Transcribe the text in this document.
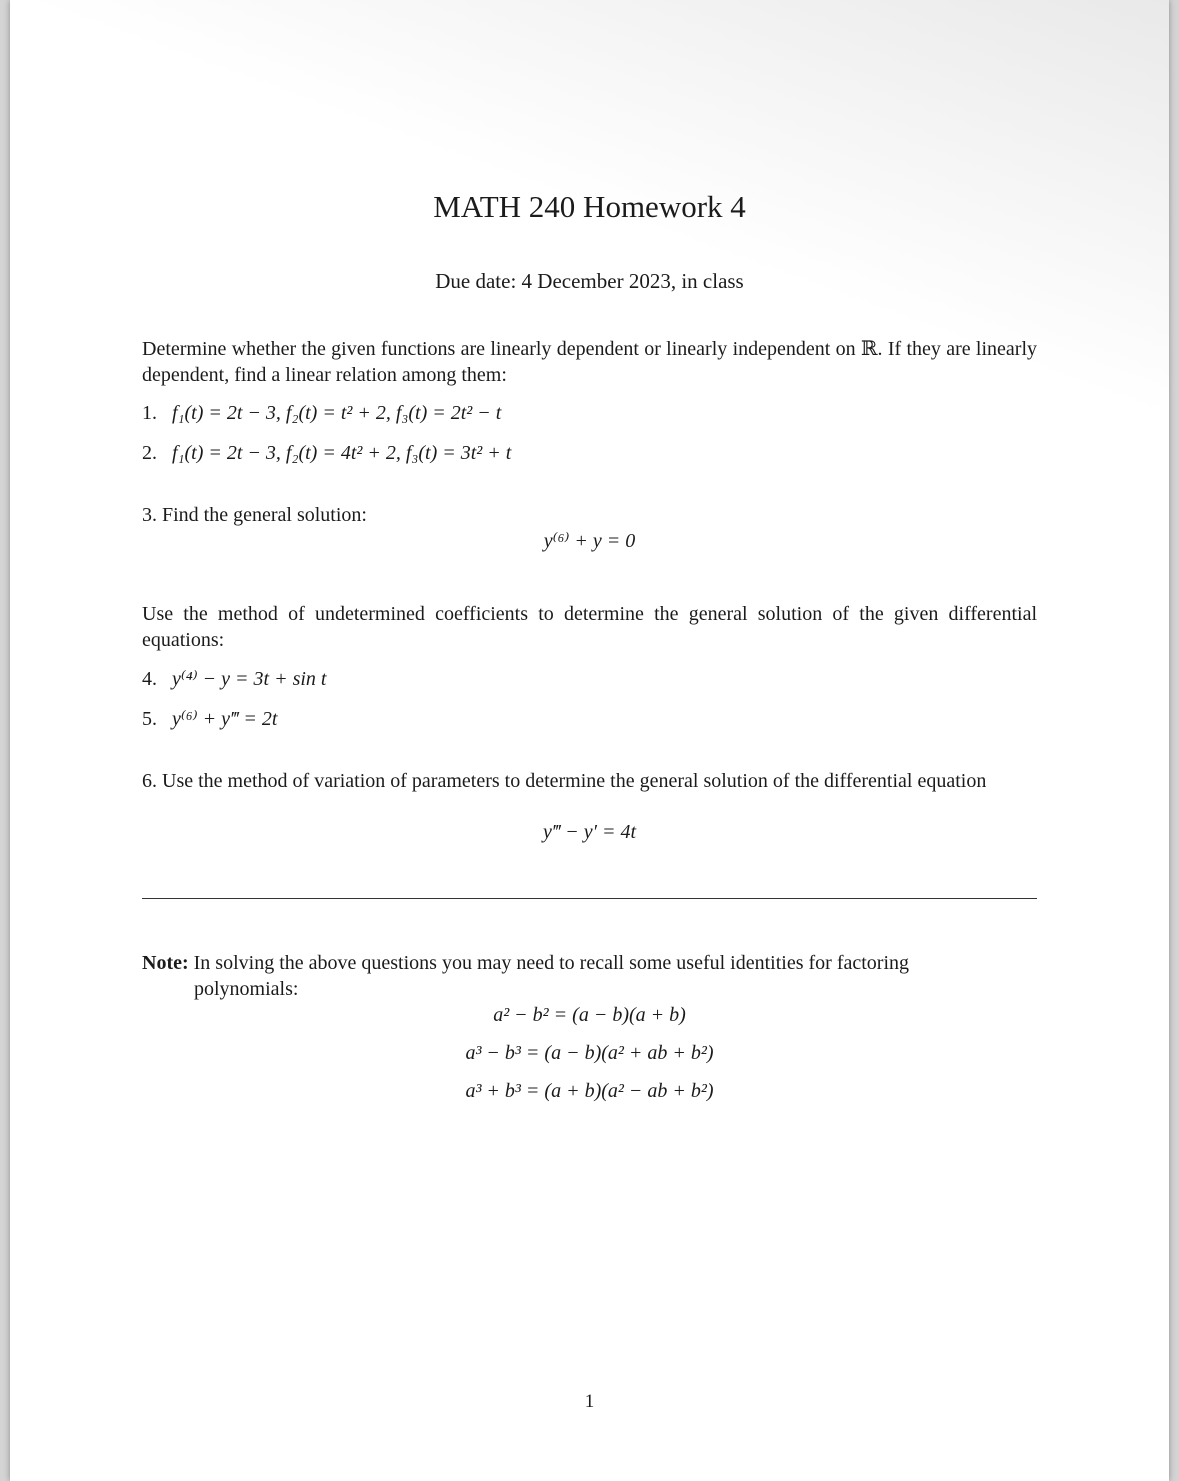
MATH 240 Homework 4
Due date: 4 December 2023, in class
Determine whether the given functions are linearly dependent or linearly independent on ℝ. If they are linearly dependent, find a linear relation among them:
1. f₁(t) = 2t − 3, f₂(t) = t² + 2, f₃(t) = 2t² − t
2. f₁(t) = 2t − 3, f₂(t) = 4t² + 2, f₃(t) = 3t² + t
3. Find the general solution:
y⁽⁶⁾ + y = 0
Use the method of undetermined coefficients to determine the general solution of the given differential equations:
4. y⁽⁴⁾ − y = 3t + sin t
5. y⁽⁶⁾ + y‴ = 2t
6. Use the method of variation of parameters to determine the general solution of the differential equation
y‴ − y′ = 4t
Note: In solving the above questions you may need to recall some useful identities for factoring
polynomials:
a² − b² = (a − b)(a + b)
a³ − b³ = (a − b)(a² + ab + b²)
a³ + b³ = (a + b)(a² − ab + b²)
1
